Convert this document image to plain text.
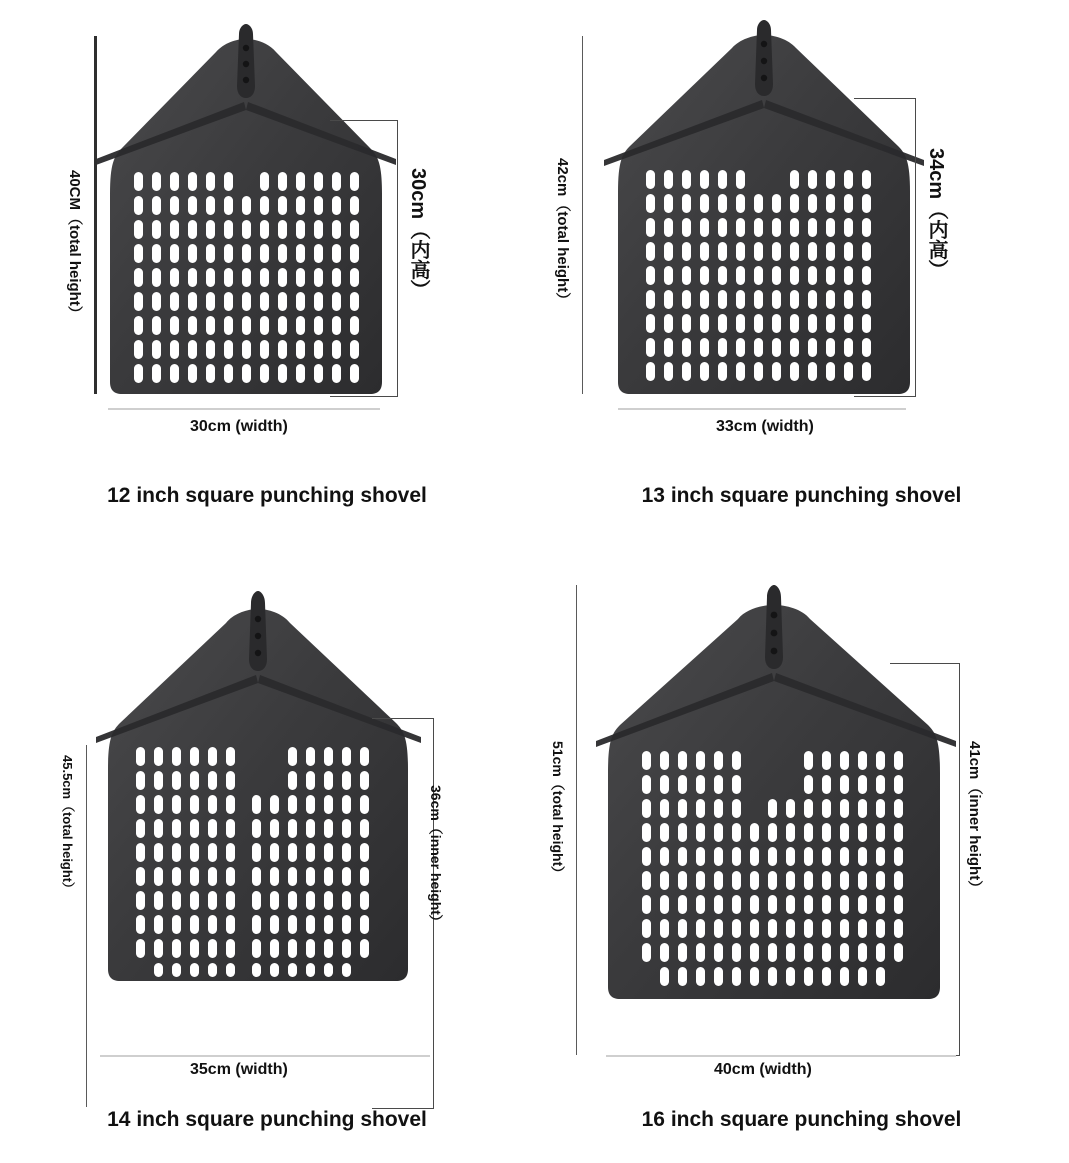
40CM（total height）	30cm（内高）
30cm (width)
12 inch square punching shovel
42cm（total height）	34cm（内高）
33cm (width)
13 inch square punching shovel
45.5cm（total height）	36cm（inner height）
35cm (width)
14 inch square punching shovel
51cm（total height）	41cm（inner height）
40cm (width)
16 inch square punching shovel
